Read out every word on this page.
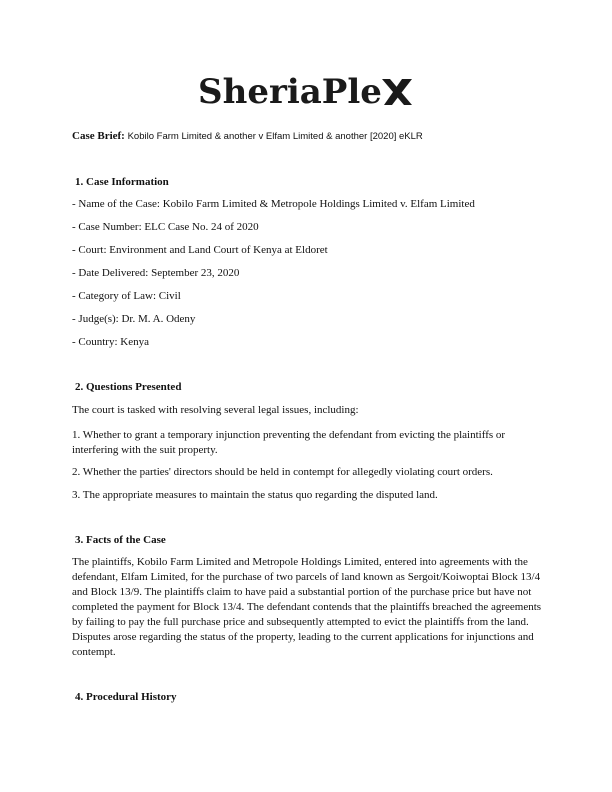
SheriaPle
Case Brief: Kobilo Farm Limited & another v Elfam Limited & another [2020] eKLR
1. Case Information
- Name of the Case: Kobilo Farm Limited & Metropole Holdings Limited v. Elfam Limited
- Case Number: ELC Case No. 24 of 2020
- Court: Environment and Land Court of Kenya at Eldoret
- Date Delivered: September 23, 2020
- Category of Law: Civil
- Judge(s): Dr. M. A. Odeny
- Country: Kenya
2. Questions Presented
The court is tasked with resolving several legal issues, including:
1. Whether to grant a temporary injunction preventing the defendant from evicting the plaintiffs or interfering with the suit property.
2. Whether the parties' directors should be held in contempt for allegedly violating court orders.
3. The appropriate measures to maintain the status quo regarding the disputed land.
3. Facts of the Case
The plaintiffs, Kobilo Farm Limited and Metropole Holdings Limited, entered into agreements with the defendant, Elfam Limited, for the purchase of two parcels of land known as Sergoit/Koiwoptai Block 13/4 and Block 13/9. The plaintiffs claim to have paid a substantial portion of the purchase price but have not completed the payment for Block 13/4. The defendant contends that the plaintiffs breached the agreements by failing to pay the full purchase price and subsequently attempted to evict the plaintiffs from the land. Disputes arose regarding the status of the property, leading to the current applications for injunctions and contempt.
4. Procedural History
